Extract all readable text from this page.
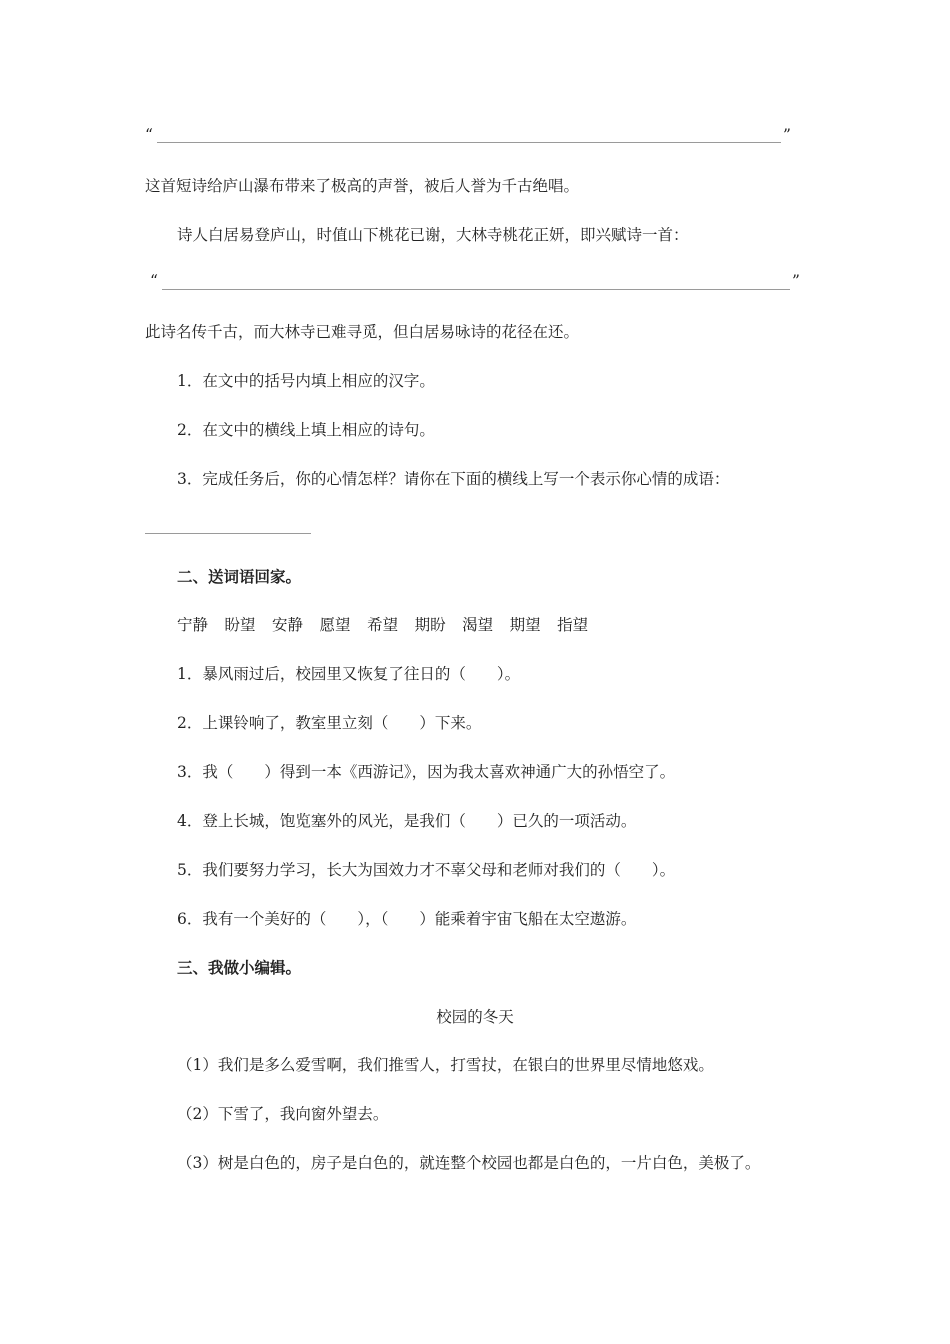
“	”
这首短诗给庐山瀑布带来了极高的声誉，被后人誉为千古绝唱。
诗人白居易登庐山，时值山下桃花已谢，大林寺桃花正妍，即兴赋诗一首：
“	”
此诗名传千古，而大林寺已难寻觅，但白居易咏诗的花径在还。
1．在文中的括号内填上相应的汉字。
2．在文中的横线上填上相应的诗句。
3．完成任务后，你的心情怎样？请你在下面的横线上写一个表示你心情的成语：
二、送词语回家。
宁静 盼望 安静 愿望 希望 期盼 渴望 期望 指望
1．暴风雨过后，校园里又恢复了往日的（　　）。
2．上课铃响了，教室里立刻（　　）下来。
3．我（　　）得到一本《西游记》，因为我太喜欢神通广大的孙悟空了。
4．登上长城，饱览塞外的风光，是我们（　　）已久的一项活动。
5．我们要努力学习，长大为国效力才不辜父母和老师对我们的（　　）。
6．我有一个美好的（　　），（　　）能乘着宇宙飞船在太空遨游。
三、我做小编辑。
校园的冬天
（1）我们是多么爱雪啊，我们推雪人，打雪扙，在银白的世界里尽情地悠戏。
（2）下雪了，我向窗外望去。
（3）树是白色的，房子是白色的，就连整个校园也都是白色的，一片白色，美极了。
